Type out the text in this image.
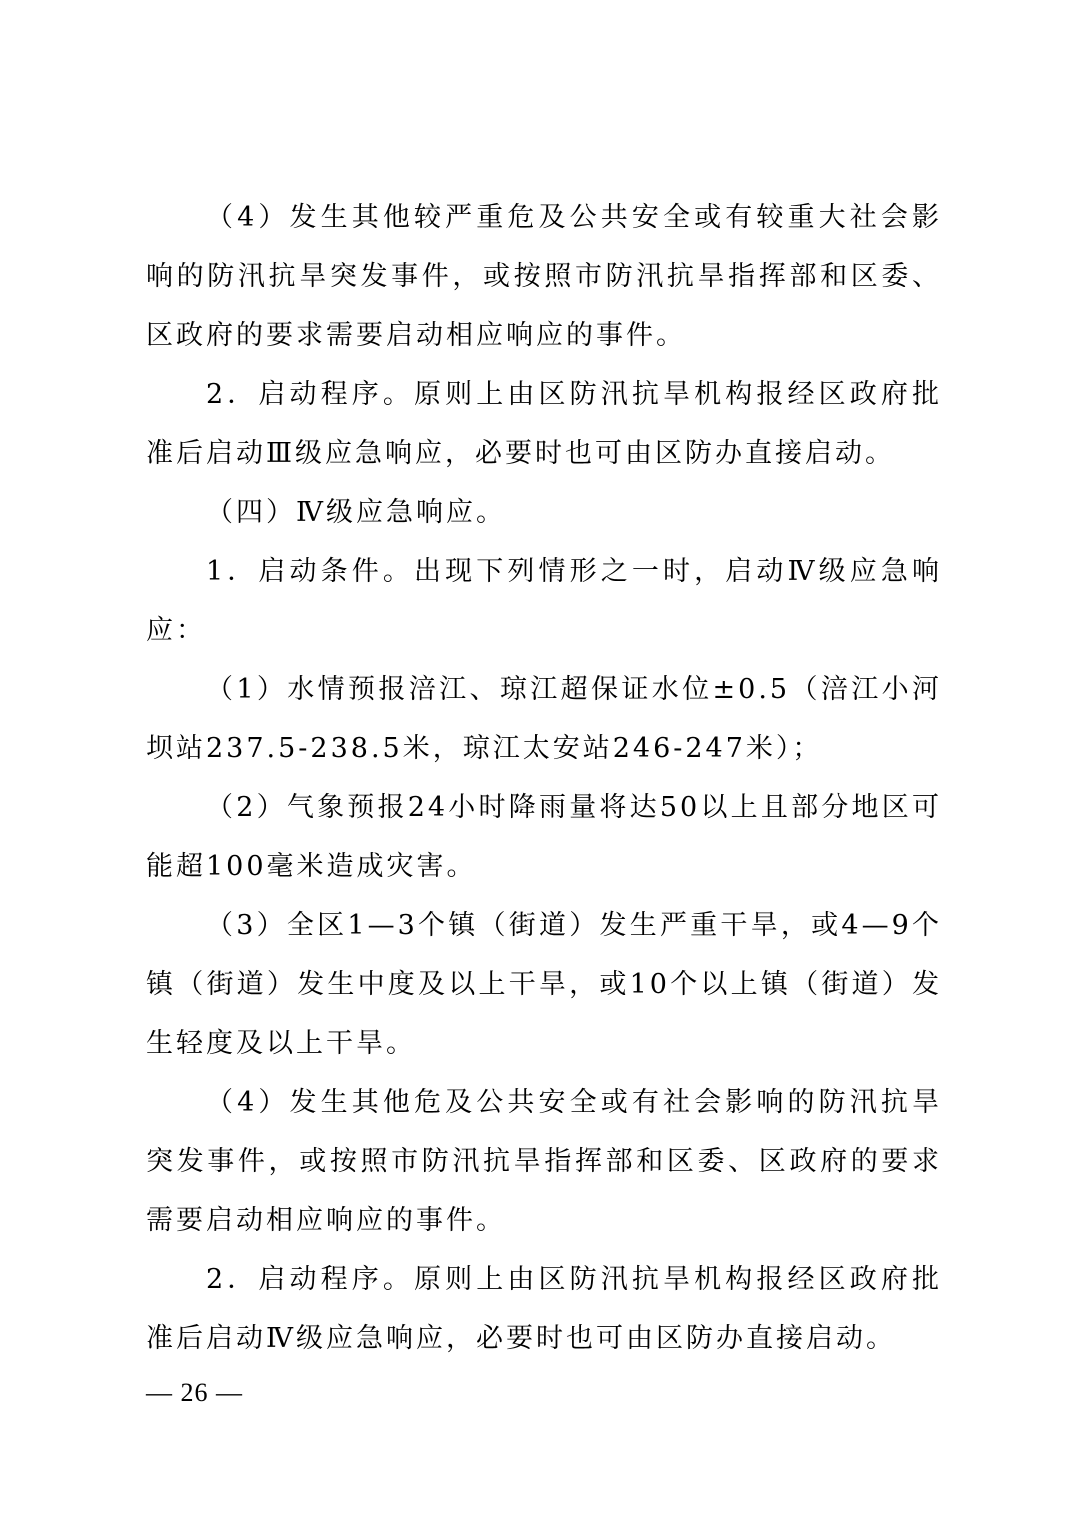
（4）发生其他较严重危及公共安全或有较重大社会影响的防汛抗旱突发事件，或按照市防汛抗旱指挥部和区委、区政府的要求需要启动相应响应的事件。

2．启动程序。原则上由区防汛抗旱机构报经区政府批准后启动Ⅲ级应急响应，必要时也可由区防办直接启动。

（四）Ⅳ级应急响应。

1．启动条件。出现下列情形之一时，启动Ⅳ级应急响应：

（1）水情预报涪江、琼江超保证水位±0.5（涪江小河坝站237.5-238.5米，琼江太安站246-247米）；

（2）气象预报24小时降雨量将达50以上且部分地区可能超100毫米造成灾害。

（3）全区1—3个镇（街道）发生严重干旱，或4—9个镇（街道）发生中度及以上干旱，或10个以上镇（街道）发生轻度及以上干旱。

（4）发生其他危及公共安全或有社会影响的防汛抗旱突发事件，或按照市防汛抗旱指挥部和区委、区政府的要求需要启动相应响应的事件。

2．启动程序。原则上由区防汛抗旱机构报经区政府批准后启动Ⅳ级应急响应，必要时也可由区防办直接启动。

— 26 —
